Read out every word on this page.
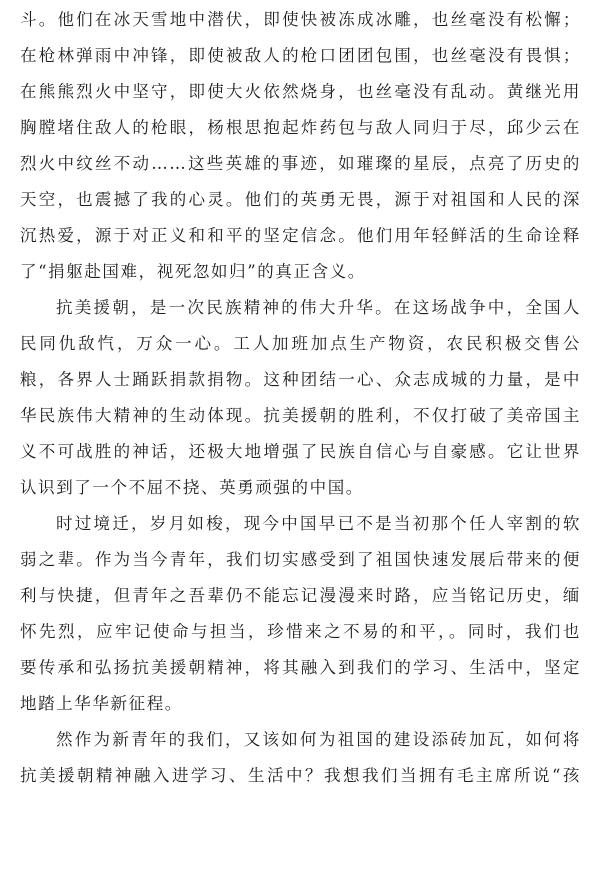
斗。他们在冰天雪地中潜伏，即使快被冻成冰雕，也丝毫没有松懈；
在枪林弹雨中冲锋，即使被敌人的枪口团团包围，也丝毫没有畏惧；
在熊熊烈火中坚守，即使大火依然烧身，也丝毫没有乱动。黄继光用
胸膛堵住敌人的枪眼，杨根思抱起炸药包与敌人同归于尽，邱少云在
烈火中纹丝不动……这些英雄的事迹，如璀璨的星辰，点亮了历史的
天空，也震撼了我的心灵。他们的英勇无畏，源于对祖国和人民的深
沉热爱，源于对正义和和平的坚定信念。他们用年轻鲜活的生命诠释
了“捐躯赴国难，视死忽如归”的真正含义。
抗美援朝，是一次民族精神的伟大升华。在这场战争中，全国人
民同仇敌忾，万众一心。工人加班加点生产物资，农民积极交售公
粮，各界人士踊跃捐款捐物。这种团结一心、众志成城的力量，是中
华民族伟大精神的生动体现。抗美援朝的胜利，不仅打破了美帝国主
义不可战胜的神话，还极大地增强了民族自信心与自豪感。它让世界
认识到了一个不屈不挠、英勇顽强的中国。
时过境迁，岁月如梭，现今中国早已不是当初那个任人宰割的软
弱之辈。作为当今青年，我们切实感受到了祖国快速发展后带来的便
利与快捷，但青年之吾辈仍不能忘记漫漫来时路，应当铭记历史，缅
怀先烈，应牢记使命与担当，珍惜来之不易的和平，。同时，我们也
要传承和弘扬抗美援朝精神，将其融入到我们的学习、生活中，坚定
地踏上华华新征程。
然作为新青年的我们，又该如何为祖国的建设添砖加瓦，如何将
抗美援朝精神融入进学习、生活中？我想我们当拥有毛主席所说“孩
